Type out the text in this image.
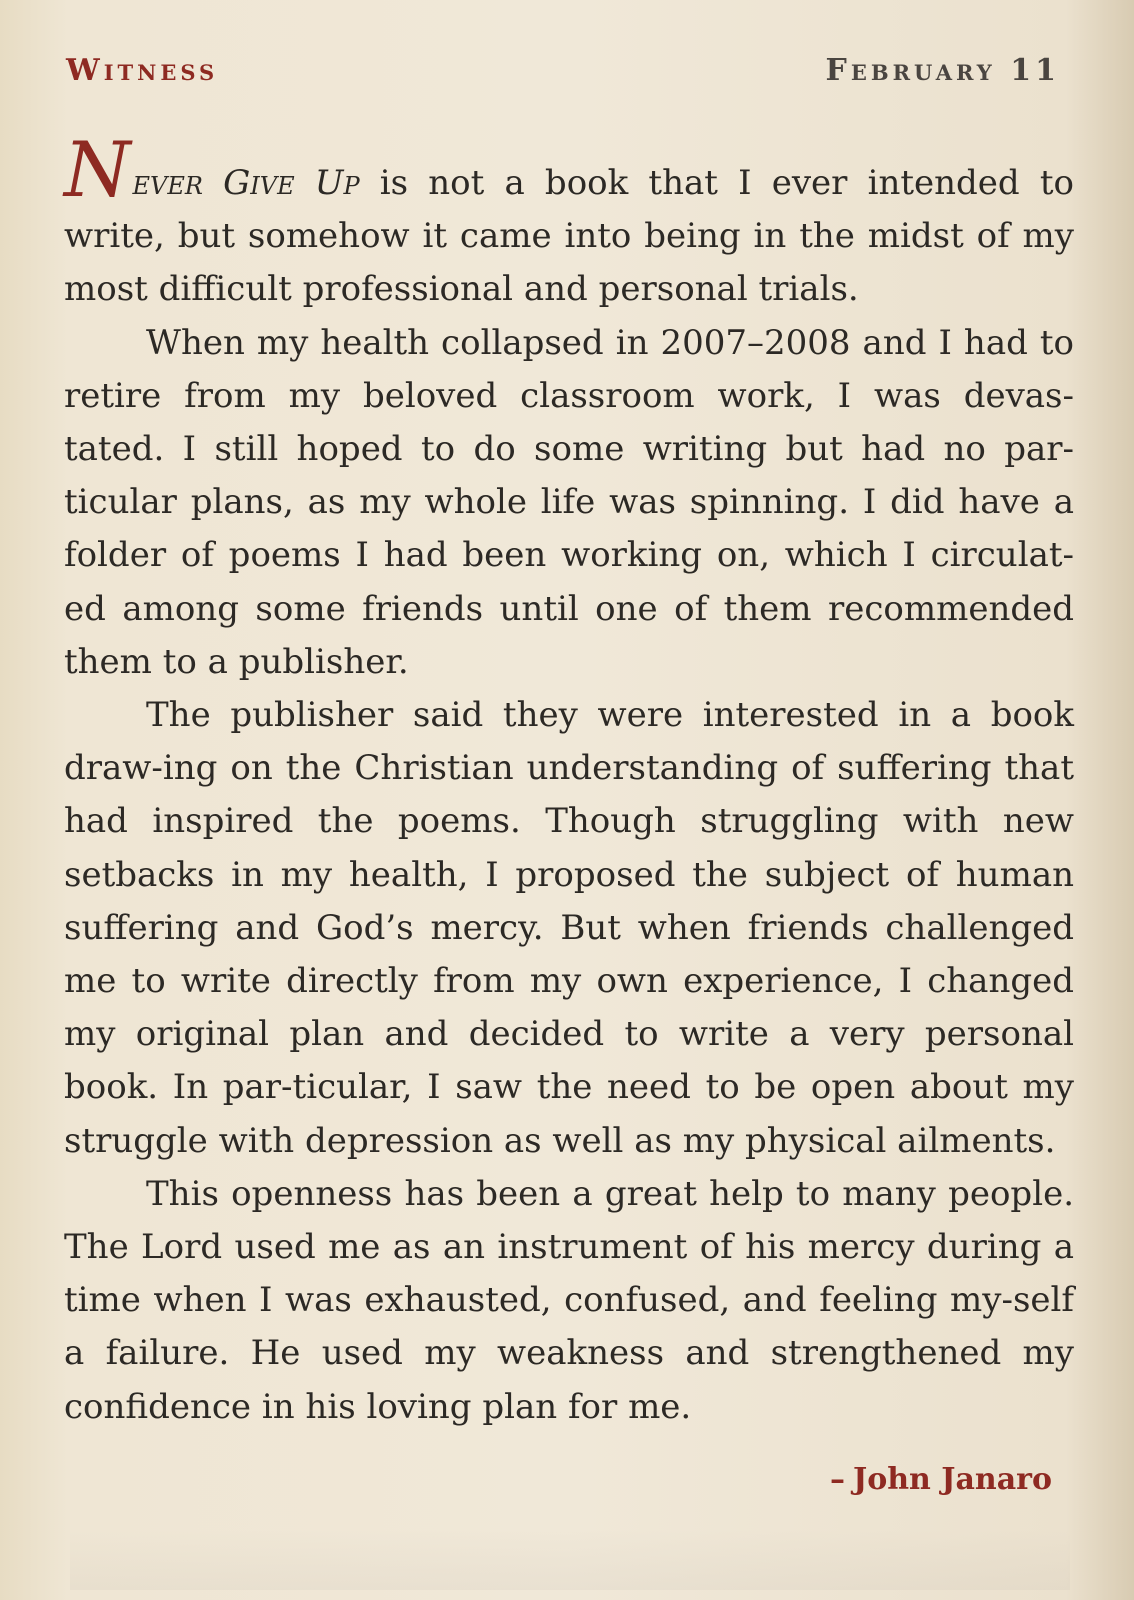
Witness	February 11

Never Give Up is not a book that I ever intended to write, but somehow it came into being in the midst of my most difficult professional and personal trials.

When my health collapsed in 2007–2008 and I had to retire from my beloved classroom work, I was devas-tated. I still hoped to do some writing but had no par-ticular plans, as my whole life was spinning. I did have a folder of poems I had been working on, which I circulat-ed among some friends until one of them recommended them to a publisher.

The publisher said they were interested in a book draw-ing on the Christian understanding of suffering that had inspired the poems. Though struggling with new setbacks in my health, I proposed the subject of human suffering and God’s mercy. But when friends challenged me to write directly from my own experience, I changed my original plan and decided to write a very personal book. In par-ticular, I saw the need to be open about my struggle with depression as well as my physical ailments.

This openness has been a great help to many people. The Lord used me as an instrument of his mercy during a time when I was exhausted, confused, and feeling my-self a failure. He used my weakness and strengthened my confidence in his loving plan for me.

– John Janaro
